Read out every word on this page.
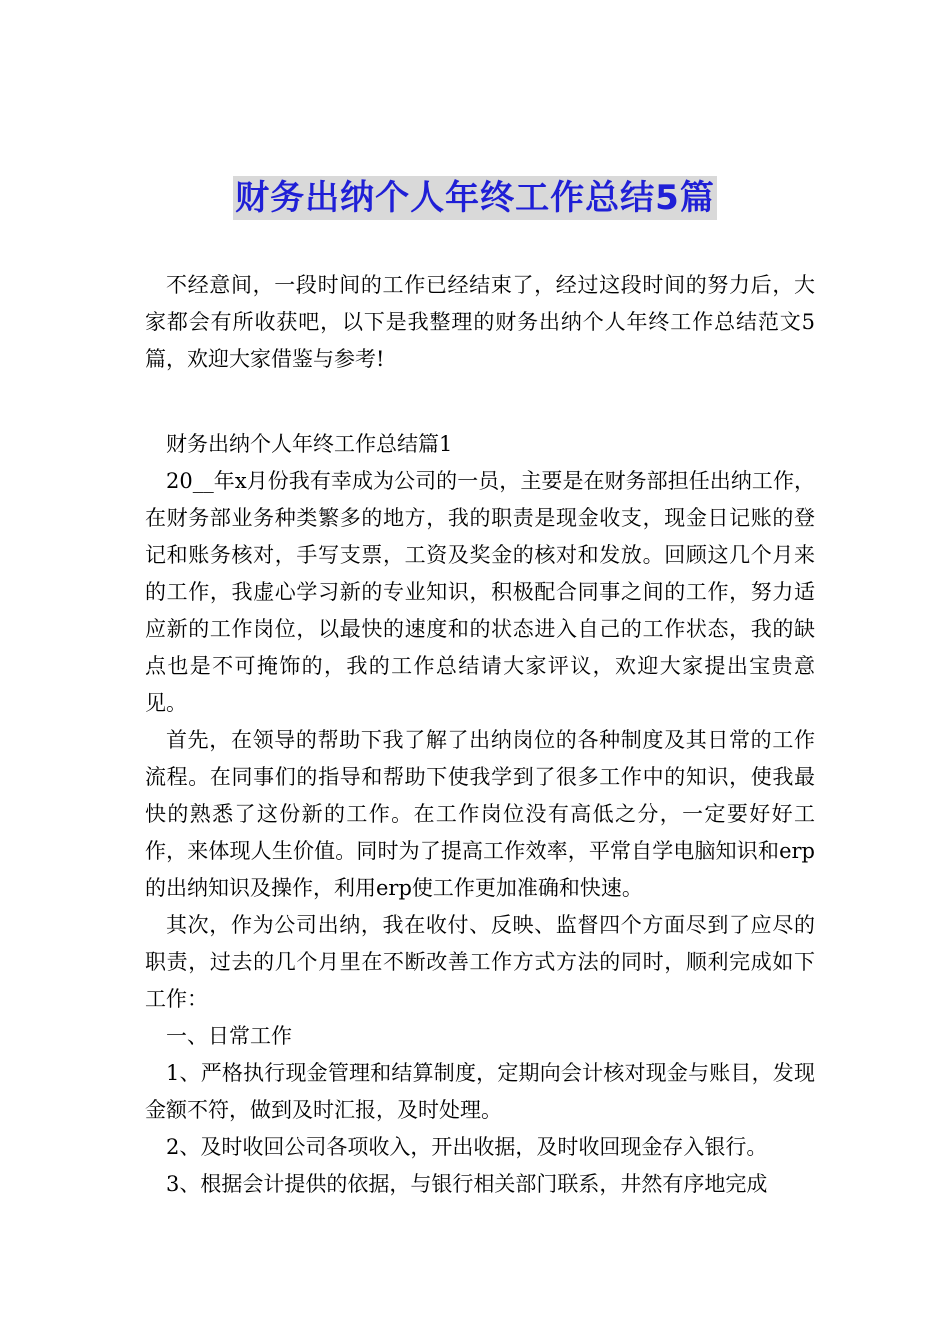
财务出纳个人年终工作总结5篇

不经意间，一段时间的工作已经结束了，经过这段时间的努力后，大家都会有所收获吧，以下是我整理的财务出纳个人年终工作总结范文5篇，欢迎大家借鉴与参考!

财务出纳个人年终工作总结篇1

20__年x月份我有幸成为公司的一员，主要是在财务部担任出纳工作，在财务部业务种类繁多的地方，我的职责是现金收支，现金日记账的登记和账务核对，手写支票，工资及奖金的核对和发放。回顾这几个月来的工作，我虚心学习新的专业知识，积极配合同事之间的工作，努力适应新的工作岗位，以最快的速度和的状态进入自己的工作状态，我的缺点也是不可掩饰的，我的工作总结请大家评议，欢迎大家提出宝贵意见。

首先，在领导的帮助下我了解了出纳岗位的各种制度及其日常的工作流程。在同事们的指导和帮助下使我学到了很多工作中的知识，使我最快的熟悉了这份新的工作。在工作岗位没有高低之分，一定要好好工作，来体现人生价值。同时为了提高工作效率，平常自学电脑知识和erp的出纳知识及操作，利用erp使工作更加准确和快速。

其次，作为公司出纳，我在收付、反映、监督四个方面尽到了应尽的职责，过去的几个月里在不断改善工作方式方法的同时，顺利完成如下工作：

一、日常工作

1、严格执行现金管理和结算制度，定期向会计核对现金与账目，发现金额不符，做到及时汇报，及时处理。

2、及时收回公司各项收入，开出收据，及时收回现金存入银行。

3、根据会计提供的依据，与银行相关部门联系，井然有序地完成
